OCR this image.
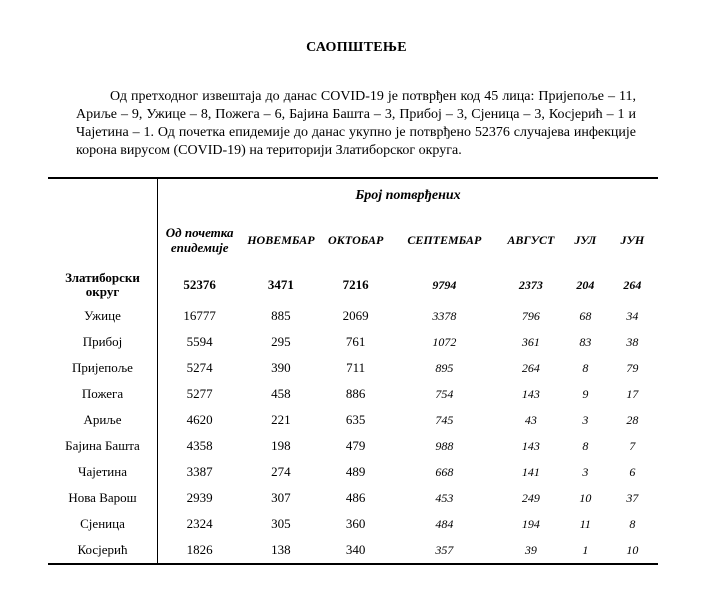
САОПШТЕЊЕ
Од претходног извештаја до данас COVID-19 је потврђен код 45 лица: Пријепоље – 11, Ариље – 9, Ужице – 8, Пожега – 6, Бајина Башта – 3, Прибој – 3, Сјеница – 3, Косјерић – 1 и Чајетина – 1. Од почетка епидемије до данас укупно је потврђено 52376 случајева инфекције корона вирусом (COVID-19) на територији Златиборског округа.
	Број потврђених						
	Од почетка епидемије	НОВЕМБАР	ОКТОБАР	СЕПТЕМБАР	АВГУСТ	ЈУЛ	ЈУН
Златиборски округ	52376	3471	7216	9794	2373	204	264
Ужице	16777	885	2069	3378	796	68	34
Прибој	5594	295	761	1072	361	83	38
Пријепоље	5274	390	711	895	264	8	79
Пожега	5277	458	886	754	143	9	17
Ариље	4620	221	635	745	43	3	28
Бајина Башта	4358	198	479	988	143	8	7
Чајетина	3387	274	489	668	141	3	6
Нова Варош	2939	307	486	453	249	10	37
Сјеница	2324	305	360	484	194	11	8
Косјерић	1826	138	340	357	39	1	10
